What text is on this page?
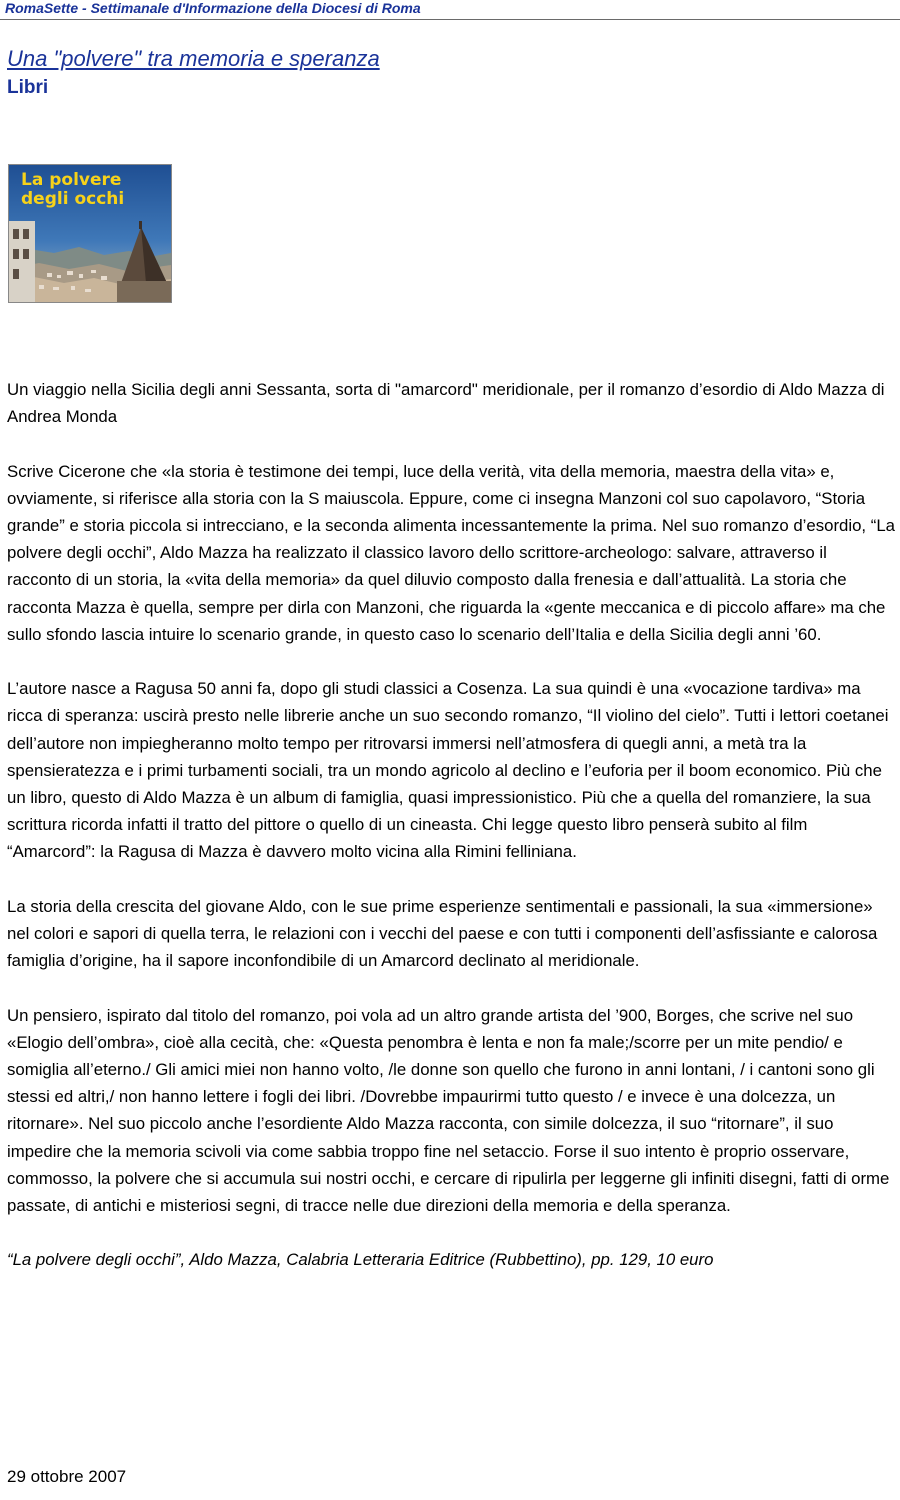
RomaSette - Settimanale d'Informazione della Diocesi di Roma
Una "polvere" tra memoria e speranza
Libri
La polvere
degli occhi

Un viaggio nella Sicilia degli anni Sessanta, sorta di "amarcord" meridionale, per il romanzo d’esordio di Aldo Mazza di Andrea Monda

Scrive Cicerone che «la storia è testimone dei tempi, luce della verità, vita della memoria, maestra della vita» e, ovviamente, si riferisce alla storia con la S maiuscola. Eppure, come ci insegna Manzoni col suo capolavoro, “Storia grande” e storia piccola si intrecciano, e la seconda alimenta incessantemente la prima. Nel suo romanzo d’esordio, “La polvere degli occhi”, Aldo Mazza ha realizzato il classico lavoro dello scrittore-archeologo: salvare, attraverso il racconto di un storia, la «vita della memoria» da quel diluvio composto dalla frenesia e dall’attualità. La storia che racconta Mazza è quella, sempre per dirla con Manzoni, che riguarda la «gente meccanica e di piccolo affare» ma che sullo sfondo lascia intuire lo scenario grande, in questo caso lo scenario dell’Italia e della Sicilia degli anni ’60.

L’autore nasce a Ragusa 50 anni fa, dopo gli studi classici a Cosenza. La sua quindi è una «vocazione tardiva» ma ricca di speranza: uscirà presto nelle librerie anche un suo secondo romanzo, “Il violino del cielo”. Tutti i lettori coetanei dell’autore non impiegheranno molto tempo per ritrovarsi immersi nell’atmosfera di quegli anni, a metà tra la spensieratezza e i primi turbamenti sociali, tra un mondo agricolo al declino e l’euforia per il boom economico. Più che un libro, questo di Aldo Mazza è un album di famiglia, quasi impressionistico. Più che a quella del romanziere, la sua scrittura ricorda infatti il tratto del pittore o quello di un cineasta. Chi legge questo libro penserà subito al film “Amarcord”: la Ragusa di Mazza è davvero molto vicina alla Rimini felliniana.

La storia della crescita del giovane Aldo, con le sue prime esperienze sentimentali e passionali, la sua «immersione» nel colori e sapori di quella terra, le relazioni con i vecchi del paese e con tutti i componenti dell’asfissiante e calorosa famiglia d’origine, ha il sapore inconfondibile di un Amarcord declinato al meridionale.

Un pensiero, ispirato dal titolo del romanzo, poi vola ad un altro grande artista del ’900, Borges, che scrive nel suo «Elogio dell’ombra», cioè alla cecità, che: «Questa penombra è lenta e non fa male;/scorre per un mite pendio/ e somiglia all’eterno./ Gli amici miei non hanno volto, /le donne son quello che furono in anni lontani, / i cantoni sono gli stessi ed altri,/ non hanno lettere i fogli dei libri. /Dovrebbe impaurirmi tutto questo / e invece è una dolcezza, un ritornare». Nel suo piccolo anche l’esordiente Aldo Mazza racconta, con simile dolcezza, il suo “ritornare”, il suo impedire che la memoria scivoli via come sabbia troppo fine nel setaccio. Forse il suo intento è proprio osservare, commosso, la polvere che si accumula sui nostri occhi, e cercare di ripulirla per leggerne gli infiniti disegni, fatti di orme passate, di antichi e misteriosi segni, di tracce nelle due direzioni della memoria e della speranza.

“La polvere degli occhi”, Aldo Mazza, Calabria Letteraria Editrice (Rubbettino), pp. 129, 10 euro

29 ottobre 2007
